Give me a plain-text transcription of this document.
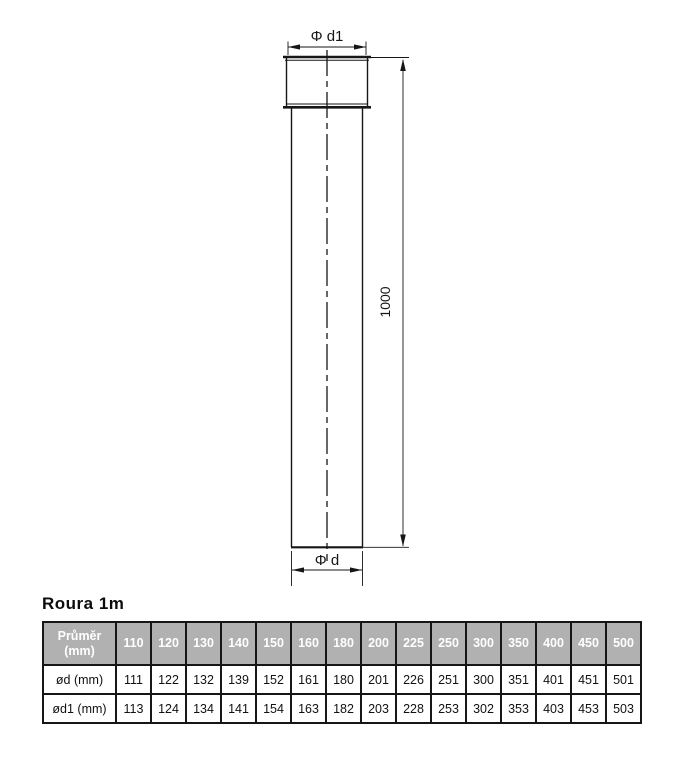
1000
Φ d1
Φ d
Roura 1m
Průměr (mm)	110	120	130	140	150	160	180	200	225	250	300	350	400	450	500
ød (mm)	111	122	132	139	152	161	180	201	226	251	300	351	401	451	501
ød1 (mm)	113	124	134	141	154	163	182	203	228	253	302	353	403	453	503
